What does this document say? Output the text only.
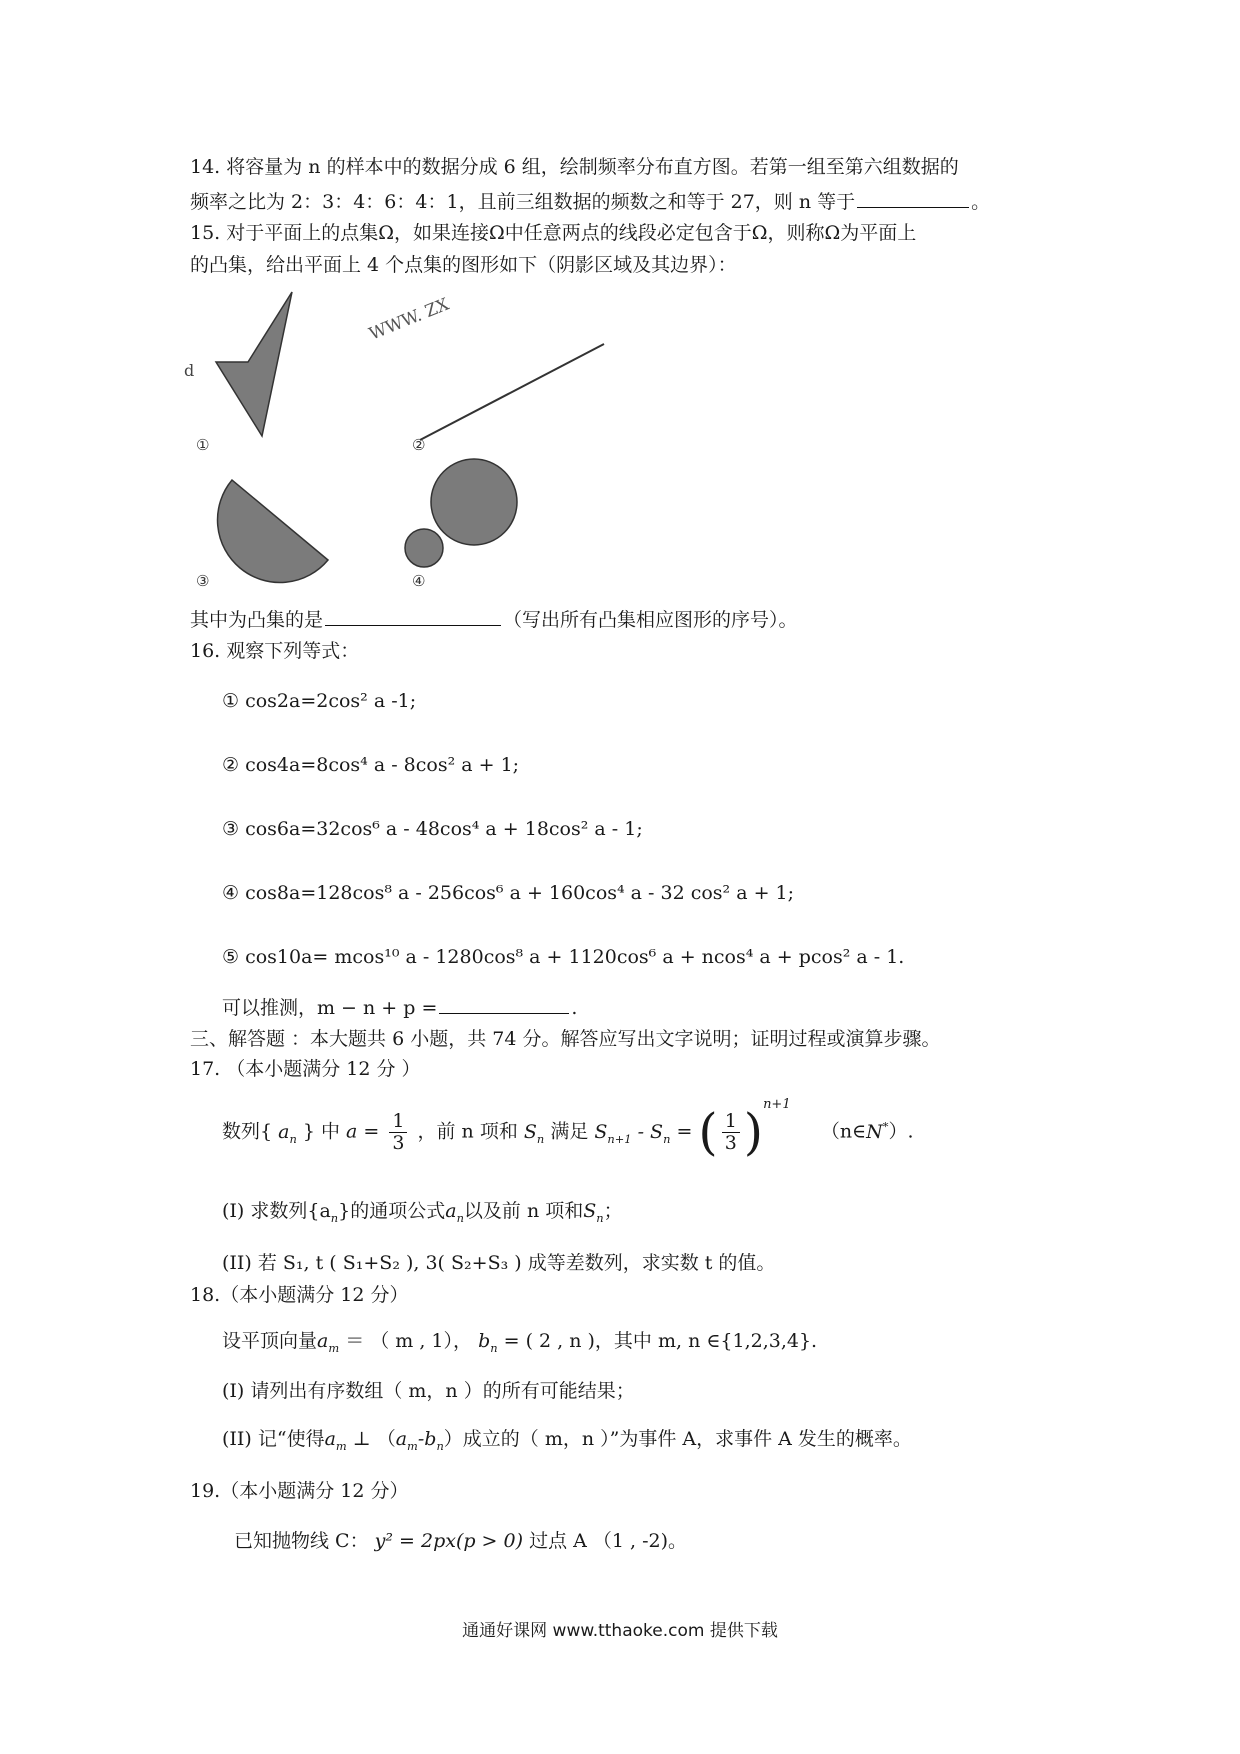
14. 将容量为 n 的样本中的数据分成 6 组，绘制频率分布直方图。若第一组至第六组数据的
频率之比为 2：3：4：6：4：1，且前三组数据的频数之和等于 27，则 n 等于	。
15. 对于平面上的点集Ω，如果连接Ω中任意两点的线段必定包含于Ω，则称Ω为平面上
的凸集，给出平面上 4 个点集的图形如下（阴影区域及其边界）：
WWW. ZX
d
①	②
③	④
其中为凸集的是	（写出所有凸集相应图形的序号）。
16. 观察下列等式：
① cos2a=2cos² a -1;
② cos4a=8cos⁴ a - 8cos² a + 1;
③ cos6a=32cos⁶ a - 48cos⁴ a + 18cos² a - 1;
④ cos8a=128cos⁸ a - 256cos⁶ a + 160cos⁴ a - 32 cos² a + 1;
⑤ cos10a= mcos¹⁰ a - 1280cos⁸ a + 1120cos⁶ a + ncos⁴ a + pcos² a - 1.
可以推测，m − n + p =	.
三、解答题 ：本大题共 6 小题，共 74 分。解答应写出文字说明；证明过程或演算步骤。
17. （本小题满分 12 分 ）
数列{ $a_n$ } 中 $a = \frac{1}{3}$ ，前 n 项和 $S_n$ 满足 $S_{n+1} - S_n$ = ( $\frac{1}{3} )^{n+1}$     （n∈N*）.
(I) 求数列$\{a_n\}$的通项公式$a_n$以及前 n 项和$S_n$；
(II) 若 S₁, t ( S₁+S₂ ), 3( S₂+S₃ ) 成等差数列，求实数 t 的值。
18.（本小题满分 12 分）
设平顶向量$a_m$ ＝ （ m , 1）， $b_n$ = ( 2 , n )，其中 m, n ∈{1,2,3,4}.
(I) 请列出有序数组（ m，n ）的所有可能结果；
(II) 记“使得$a_m$ ⊥ $(a_m-b_n)$成立的（ m，n ）”为事件 A，求事件 A 发生的概率。
19.（本小题满分 12 分）
已知抛物线 C： y² = 2px(p > 0) 过点 A （1 , -2)。
通通好课网 www.tthaoke.com 提供下载
